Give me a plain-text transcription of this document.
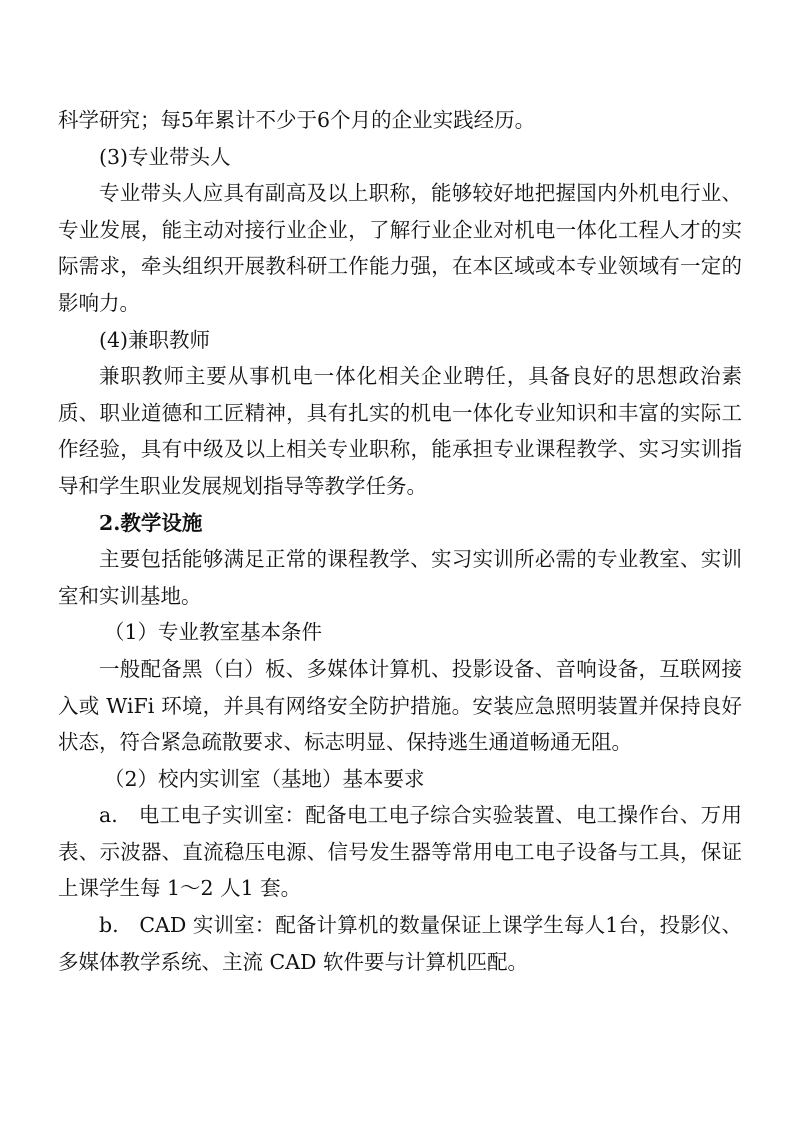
科学研究；每5年累计不少于6个月的企业实践经历。

(3)专业带头人

专业带头人应具有副高及以上职称，能够较好地把握国内外机电行业、专业发展，能主动对接行业企业，了解行业企业对机电一体化工程人才的实际需求，牵头组织开展教科研工作能力强，在本区域或本专业领域有一定的影响力。

(4)兼职教师

兼职教师主要从事机电一体化相关企业聘任，具备良好的思想政治素质、职业道德和工匠精神，具有扎实的机电一体化专业知识和丰富的实际工作经验，具有中级及以上相关专业职称，能承担专业课程教学、实习实训指导和学生职业发展规划指导等教学任务。

2.教学设施

主要包括能够满足正常的课程教学、实习实训所必需的专业教室、实训室和实训基地。

（1）专业教室基本条件

一般配备黑（白）板、多媒体计算机、投影设备、音响设备，互联网接入或 WiFi 环境，并具有网络安全防护措施。安装应急照明装置并保持良好状态，符合紧急疏散要求、标志明显、保持逃生通道畅通无阻。

（2）校内实训室（基地）基本要求

a.　电工电子实训室：配备电工电子综合实验装置、电工操作台、万用表、示波器、直流稳压电源、信号发生器等常用电工电子设备与工具，保证上课学生每 1～2 人1 套。

b.　CAD 实训室：配备计算机的数量保证上课学生每人1台，投影仪、多媒体教学系统、主流 CAD 软件要与计算机匹配。
